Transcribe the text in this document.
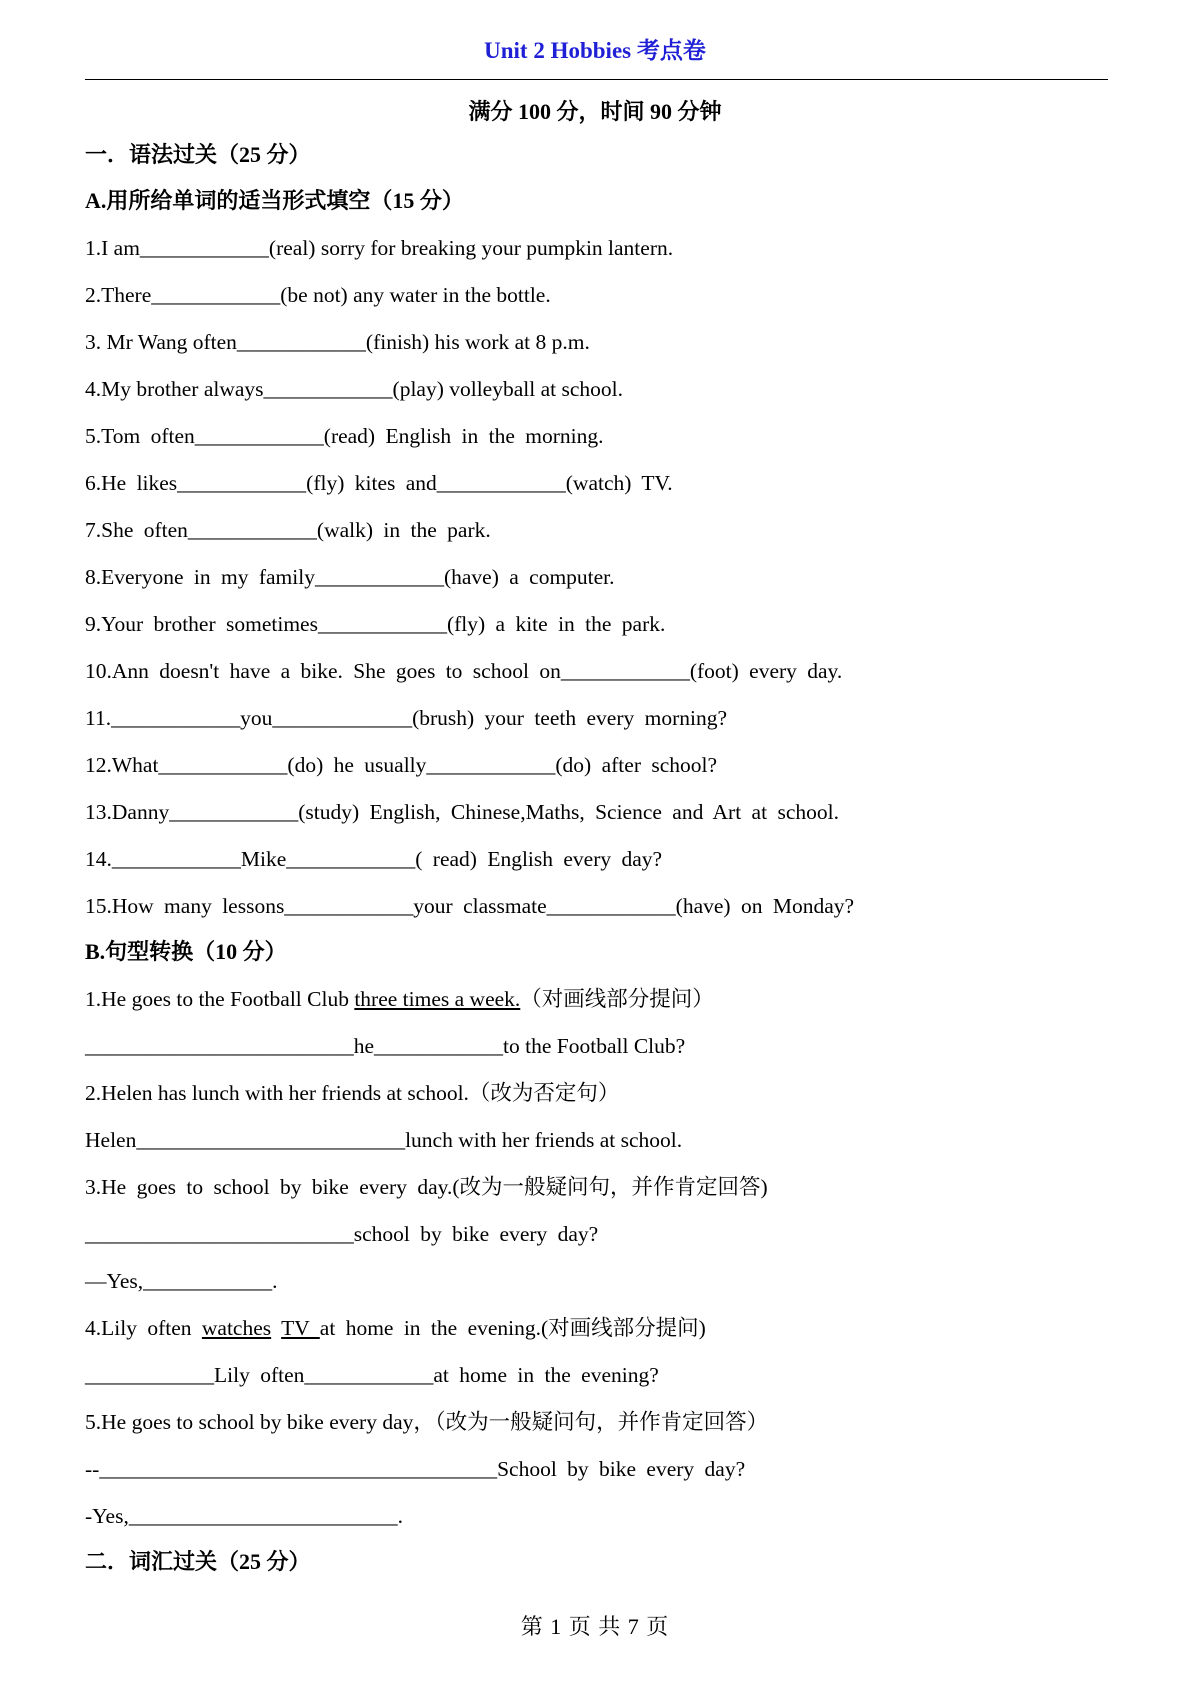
Unit 2 Hobbies 考点卷
满分 100 分，时间 90 分钟
一．语法过关（25 分）
A.用所给单词的适当形式填空（15 分）
1.I am____________(real) sorry for breaking your pumpkin lantern.
2.There____________(be not) any water in the bottle.
3. Mr Wang often____________(finish) his work at 8 p.m.
4.My brother always____________(play) volleyball at school.
5.Tom often____________(read) English in the morning.
6.He likes____________(fly) kites and____________(watch) TV.
7.She often____________(walk) in the park.
8.Everyone in my family____________(have) a computer.
9.Your brother sometimes____________(fly) a kite in the park.
10.Ann doesn't have a bike. She goes to school on____________(foot) every day.
11.____________you_____________(brush) your teeth every morning?
12.What____________(do) he usually____________(do) after school?
13.Danny____________(study) English, Chinese,Maths, Science and Art at school.
14.____________Mike____________( read) English every day?
15.How many lessons____________your classmate____________(have) on Monday?
B.句型转换（10 分）
1.He goes to the Football Club three times a week.（对画线部分提问）
_________________________he____________to the Football Club?
2.Helen has lunch with her friends at school.（改为否定句）
Helen_________________________lunch with her friends at school.
3.He goes to school by bike every day.(改为一般疑问句，并作肯定回答)
_________________________school by bike every day?
—Yes,____________.
4.Lily often watches TV at home in the evening.(对画线部分提问)
____________Lily often____________at home in the evening?
5.He goes to school by bike every day，（改为一般疑问句，并作肯定回答）
--_____________________________________School by bike every day?
-Yes,_________________________.
二．词汇过关（25 分）
第 1 页 共 7 页
